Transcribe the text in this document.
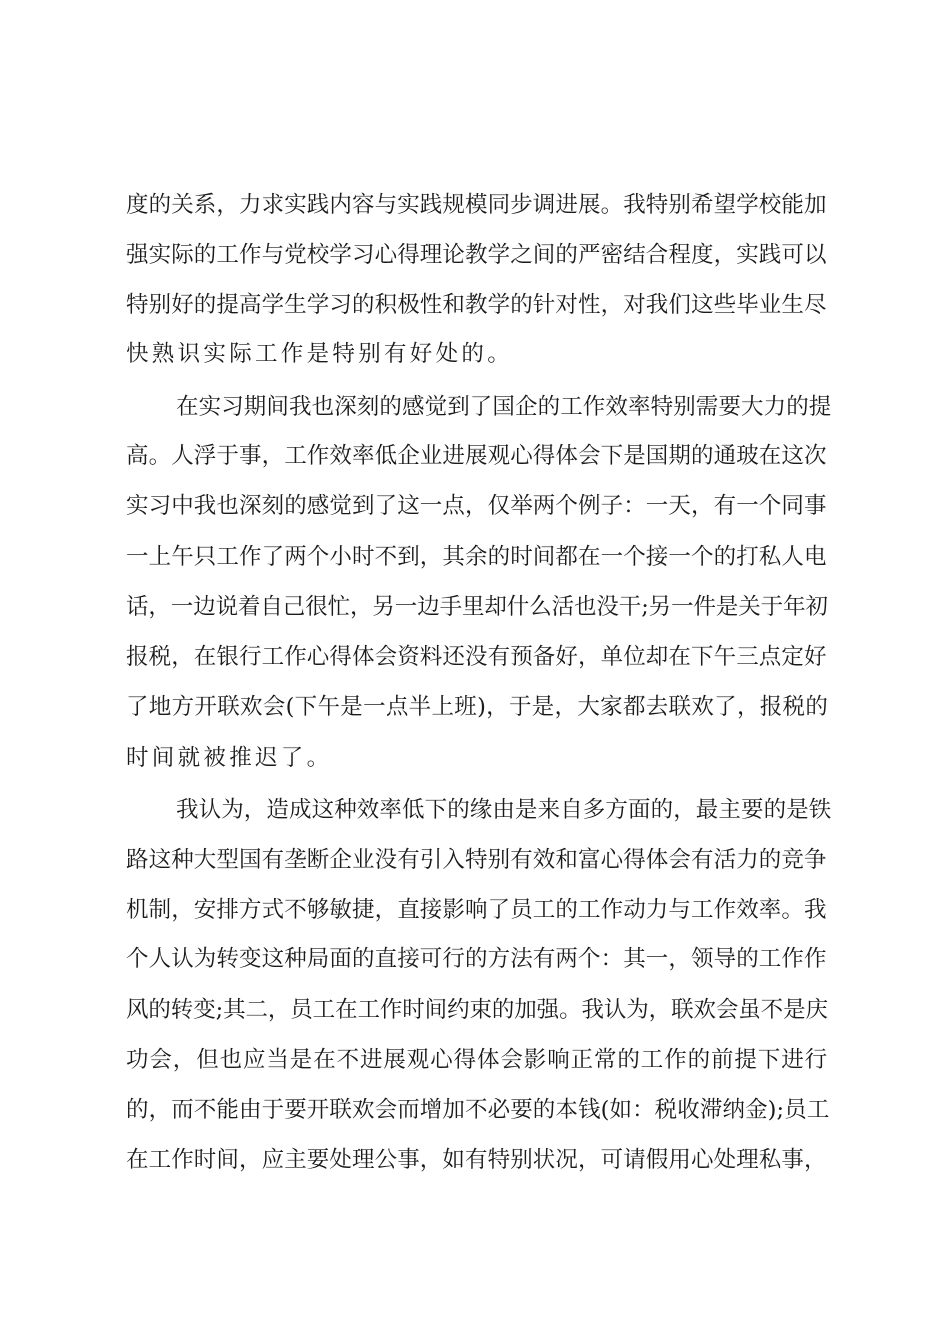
度的关系，力求实践内容与实践规模同步调进展。我特别希望学校能加
强实际的工作与党校学习心得理论教学之间的严密结合程度，实践可以
特别好的提高学生学习的积极性和教学的针对性，对我们这些毕业生尽
快熟识实际工作是特别有好处的。
在实习期间我也深刻的感觉到了国企的工作效率特别需要大力的提
高。人浮于事，工作效率低企业进展观心得体会下是国期的通玻在这次
实习中我也深刻的感觉到了这一点，仅举两个例子：一天，有一个同事
一上午只工作了两个小时不到，其余的时间都在一个接一个的打私人电
话，一边说着自己很忙，另一边手里却什么活也没干;另一件是关于年初
报税，在银行工作心得体会资料还没有预备好，单位却在下午三点定好
了地方开联欢会(下午是一点半上班)，于是，大家都去联欢了，报税的
时间就被推迟了。
我认为，造成这种效率低下的缘由是来自多方面的，最主要的是铁
路这种大型国有垄断企业没有引入特别有效和富心得体会有活力的竞争
机制，安排方式不够敏捷，直接影响了员工的工作动力与工作效率。我
个人认为转变这种局面的直接可行的方法有两个：其一，领导的工作作
风的转变;其二，员工在工作时间约束的加强。我认为，联欢会虽不是庆
功会，但也应当是在不进展观心得体会影响正常的工作的前提下进行
的，而不能由于要开联欢会而增加不必要的本钱(如：税收滞纳金);员工
在工作时间，应主要处理公事，如有特别状况，可请假用心处理私事，
